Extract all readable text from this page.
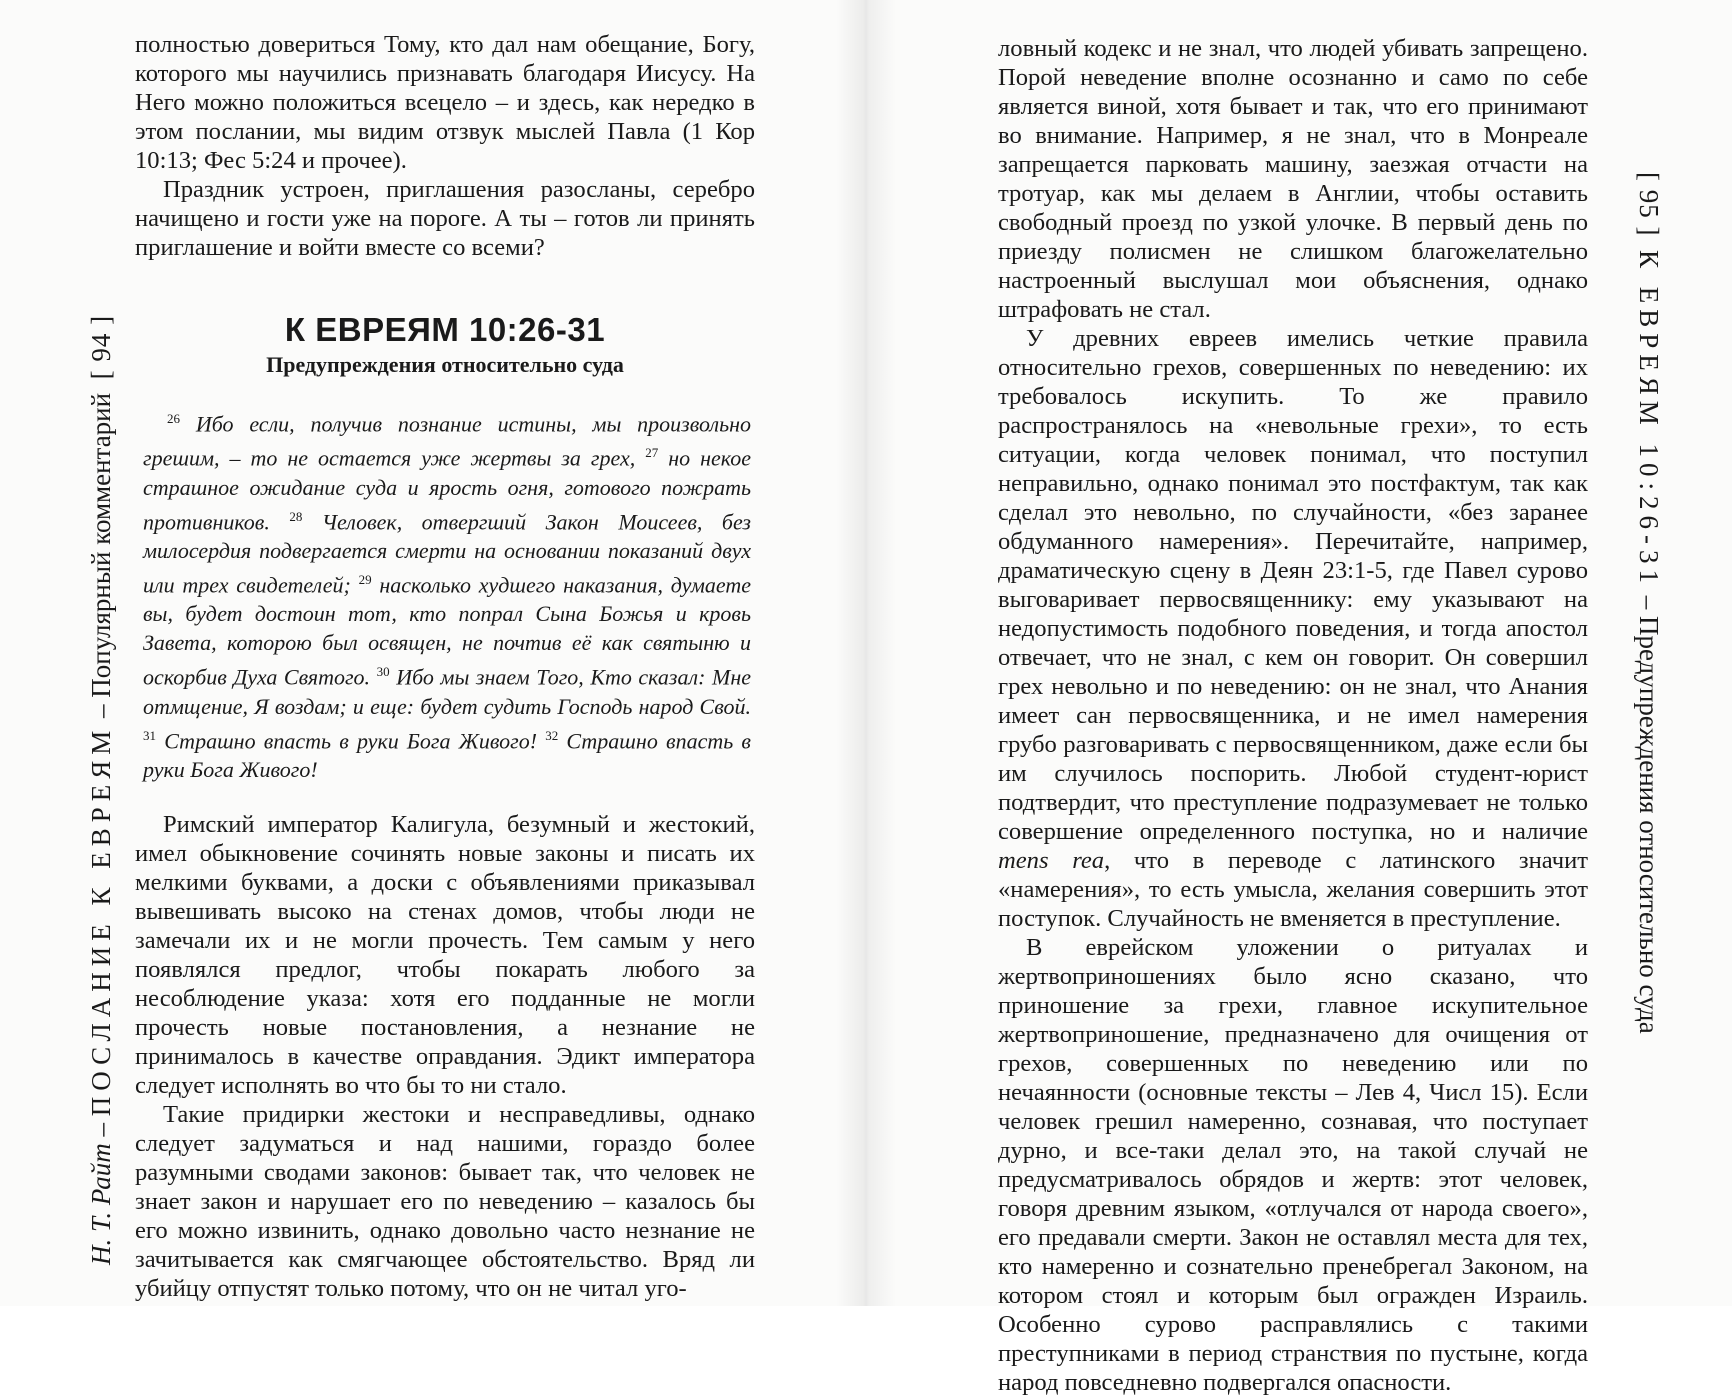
Н. Т. Райт – ПОСЛАНИЕ К ЕВРЕЯМ – Популярный комментарий  [ 94 ]

полностью довериться Тому, кто дал нам обещание, Богу, которого мы научились признавать благодаря Иисусу. На Него можно положиться всецело – и здесь, как нередко в этом послании, мы видим отзвук мыслей Павла (1 Кор 10:13; Фес 5:24 и прочее).

Праздник устроен, приглашения разосланы, серебро начищено и гости уже на пороге. А ты – готов ли принять приглашение и войти вместе со всеми?

К ЕВРЕЯМ 10:26-31
Предупреждения относительно суда
$^{26}$ Ибо если, получив познание истины, мы произвольно грешим, – то не остается уже жертвы за грех, $^{27}$ но некое страшное ожидание суда и ярость огня, готового пожрать противников. $^{28}$ Человек, отвергший Закон Моисеев, без милосердия подвергается смерти на основании показаний двух или трех свидетелей; $^{29}$ насколько худшего наказания, думаете вы, будет достоин тот, кто попрал Сына Божья и кровь Завета, которою был освящен, не почтив её как святыню и оскорбив Духа Святого. $^{30}$ Ибо мы знаем Того, Кто сказал: Мне отмщение, Я воздам; и еще: будет судить Господь народ Свой. $^{31}$ Страшно впасть в руки Бога Живого! $^{32}$ Страшно впасть в руки Бога Живого!

Римский император Калигула, безумный и жестокий, имел обыкновение сочинять новые законы и писать их мелкими буквами, а доски с объявлениями приказывал вывешивать высоко на стенах домов, чтобы люди не замечали их и не могли прочесть. Тем самым у него появлялся предлог, чтобы покарать любого за несоблюдение указа: хотя его подданные не могли прочесть новые постановления, а незнание не принималось в качестве оправдания. Эдикт императора следует исполнять во что бы то ни стало.

Такие придирки жестоки и несправедливы, однако следует задуматься и над нашими, гораздо более разумными сводами законов: бывает так, что человек не знает закон и нарушает его по неведению – казалось бы его можно извинить, однако довольно часто незнание не зачитывается как смягчающее обстоятельство. Вряд ли убийцу отпустят только потому, что он не читал уго-

[ 95 ]  К ЕВРЕЯМ 10:26-31 – Предупреждения относительно суда

ловный кодекс и не знал, что людей убивать запрещено. Порой неведение вполне осознанно и само по себе является виной, хотя бывает и так, что его принимают во внимание. Например, я не знал, что в Монреале запрещается парковать машину, заезжая отчасти на тротуар, как мы делаем в Англии, чтобы оставить свободный проезд по узкой улочке. В первый день по приезду полисмен не слишком благожелательно настроенный выслушал мои объяснения, однако штрафовать не стал.

У древних евреев имелись четкие правила относительно грехов, совершенных по неведению: их требовалось искупить. То же правило распространялось на «невольные грехи», то есть ситуации, когда человек понимал, что поступил неправильно, однако понимал это постфактум, так как сделал это невольно, по случайности, «без заранее обдуманного намерения». Перечитайте, например, драматическую сцену в Деян 23:1-5, где Павел сурово выговаривает первосвященнику: ему указывают на недопустимость подобного поведения, и тогда апостол отвечает, что не знал, с кем он говорит. Он совершил грех невольно и по неведению: он не знал, что Анания имеет сан первосвященника, и не имел намерения грубо разговаривать с первосвященником, даже если бы им случилось поспорить. Любой студент-юрист подтвердит, что преступление подразумевает не только совершение определенного поступка, но и наличие mens rea, что в переводе с латинского значит «намерения», то есть умысла, желания совершить этот поступок. Случайность не вменяется в преступление.

В еврейском уложении о ритуалах и жертвоприношениях было ясно сказано, что приношение за грехи, главное искупительное жертвоприношение, предназначено для очищения от грехов, совершенных по неведению или по нечаянности (основные тексты – Лев 4, Числ 15). Если человек грешил намеренно, сознавая, что поступает дурно, и все-таки делал это, на такой случай не предусматривалось обрядов и жертв: этот человек, говоря древним языком, «отлучался от народа своего», его предавали смерти. Закон не оставлял места для тех, кто намеренно и сознательно пренебрегал Законом, на котором стоял и которым был огражден Израиль. Особенно сурово расправлялись с такими преступниками в период странствия по пустыне, когда народ повседневно подвергался опасности.
